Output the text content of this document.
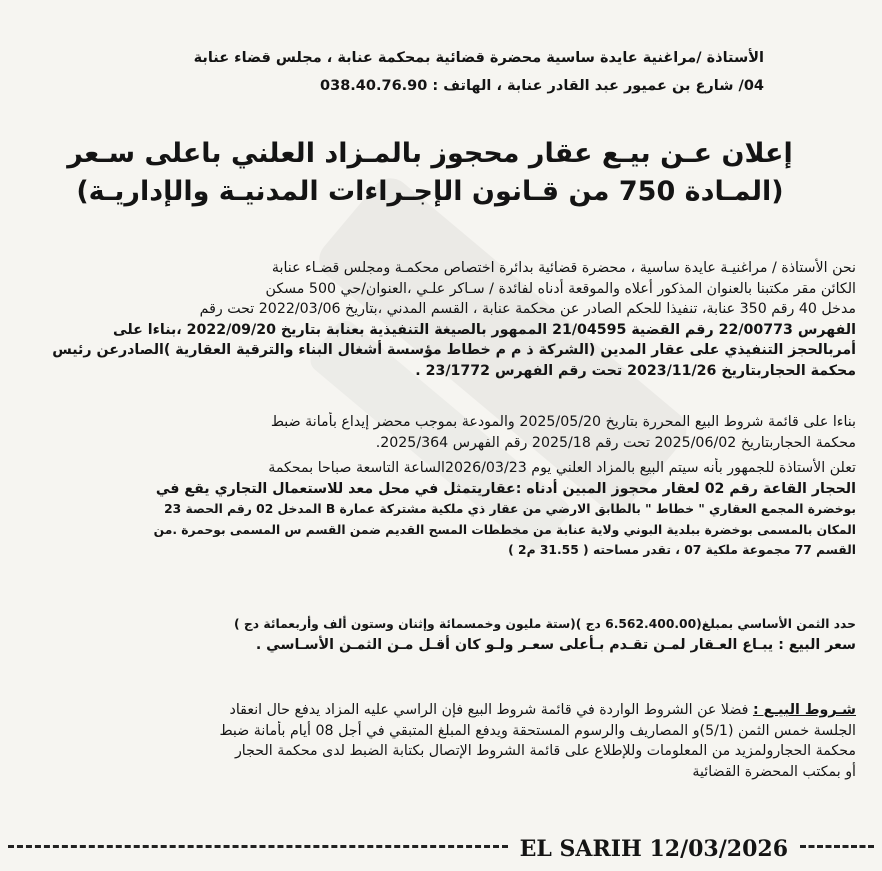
الأستاذة /مراغنية عايدة ساسية محضرة قضائية بمحكمة عنابة ، مجلس قضاء عنابة
04/ شارع بن عميور عبد القادر عنابة ، الهاتف : 038.40.76.90
إعلان عـن بيـع عقار محجوز بالمـزاد العلني باعلى سـعر
(المـادة 750 من قـانون الإجـراءات المدنيـة والإداريـة)
نحن الأستاذة / مراغنيـة عايدة ساسية ، محضرة قضائية بدائرة اختصاص محكمـة ومجلس قضـاء عنابة
الكائن مقر مكتبنا بالعنوان المذكور أعلاه والموقعة أدناه لفائدة / سـاكر علـي ،العنوان/حي 500 مسكن
مدخل 40 رقم 350 عنابة، تنفيذا للحكم الصادر عن محكمة عنابة ، القسم المدني ،بتاريخ 2022/03/06 تحت رقم
الفهرس 22/00773 رقم القضية 21/04595 الممهور بالصيغة التنفيذية بعنابة بتاريخ 2022/09/20 ،بناءا على
أمربالحجز التنفيذي على عقار المدين (الشركة ذ م م خطاط مؤسسة أشغال البناء والترقية العقارية )الصادرعن رئيس
محكمة الحجاربتاريخ 2023/11/26 تحت رقم الفهرس 23/1772 .
بناءا على قائمة شروط البيع المحررة بتاريخ 2025/05/20 والمودعة بموجب محضر إيداع بأمانة ضبط
محكمة الحجاربتاريخ 2025/06/02 تحت رقم 2025/18 رقم الفهرس 2025/364.
تعلن الأستاذة للجمهور بأنه سيتم البيع بالمزاد العلني يوم 2026/03/23الساعة التاسعة صباحا بمحكمة
الحجار القاعة رقم 02 لعقار محجوز المبين أدناه :عقاريتمثل في محل معد للاستعمال التجاري يقع في
بوخضرة المجمع العقاري " خطاط " بالطابق الارضي من عقار ذي ملكية مشتركة عمارة B المدخل 02 رقم الحصة 23
المكان بالمسمى بوخضرة ببلدية البوني ولاية عنابة من مخططات المسح القديم ضمن القسم س المسمى بوحمرة .من
القسم 77 مجموعة ملكية 07 ، تقدر مساحته ( 31.55 م2 )
حدد الثمن الأساسي بمبلغ(6.562.400.00 دج )(ستة مليون وخمسمائة وإثنان وستون ألف وأربعمائة دج )
سعر البيع : يبـاع العـقار لمـن تقـدم بـأعلى سعـر ولـو كان أقـل مـن الثمـن الأسـاسي .
شـروط البيـع : فضلا عن الشروط الواردة في قائمة شروط البيع فإن الراسي عليه المزاد يدفع حال انعقاد
الجلسة خمس الثمن (5/1)و المصاريف والرسوم المستحقة ويدفع المبلغ المتبقي في أجل 08 أيام بأمانة ضبط
محكمة الحجارولمزيد من المعلومات وللإطلاع على قائمة الشروط الإتصال بكتابة الضبط لدى محكمة الحجار
أو بمكتب المحضرة القضائية
EL SARIH 12/03/2026
